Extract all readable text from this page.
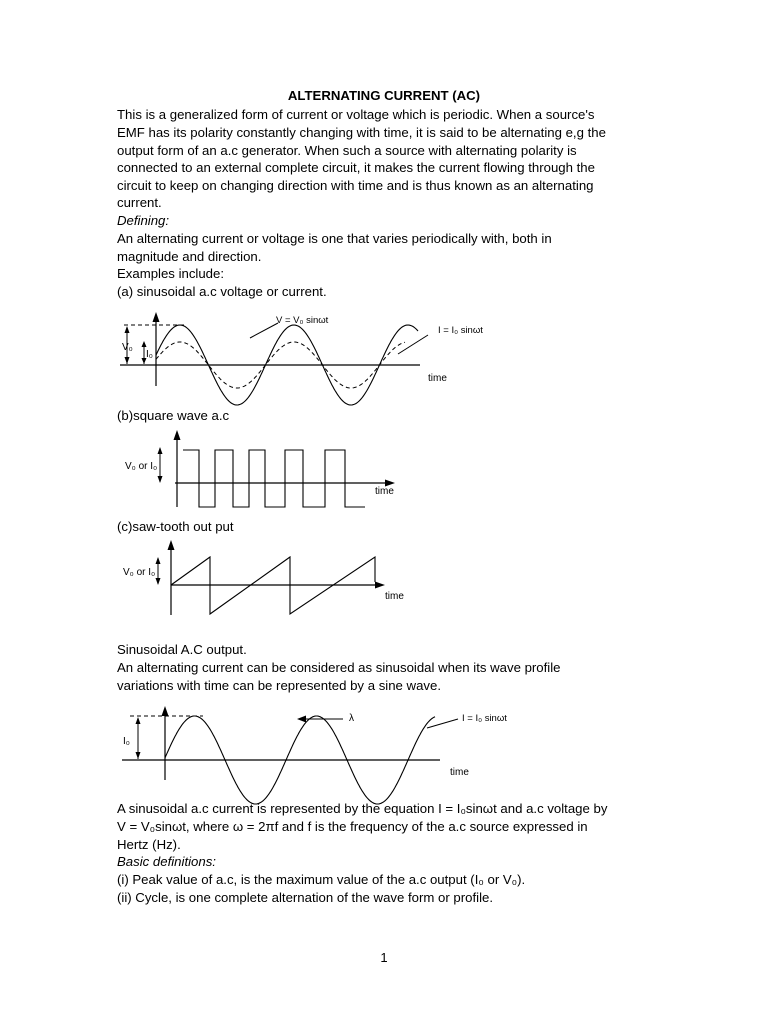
ALTERNATING CURRENT (AC)
This is a generalized form of current or voltage which is periodic. When a source's
EMF has its polarity constantly changing with time, it is said to be alternating e,g the
output form of an a.c generator. When such a source with alternating polarity is
connected to an external complete circuit, it makes the current flowing through the
circuit to keep on changing direction with time and is thus known as an alternating
current.
Defining:
An alternating current or voltage is one that varies periodically with, both in
magnitude and direction.
Examples include:
(a) sinusoidal a.c voltage or current.
V = V₀ sinωt
I = I₀ sinωt
V₀
I₀
time
(b)square wave a.c
V₀ or I₀
time
(c)saw-tooth out put
V₀ or I₀
time
Sinusoidal A.C output.
An alternating current can be considered as sinusoidal when its wave profile
variations with time can be represented by a sine wave.
λ	I = I₀ sinωt
I₀
time
A sinusoidal a.c current is represented by the equation I = I₀sinωt and a.c voltage by
V = V₀sinωt, where ω = 2πf and f is the frequency of the a.c source expressed in
Hertz (Hz).
Basic definitions:
(i) Peak value of a.c, is the maximum value of the a.c output (I₀ or V₀).
(ii) Cycle, is one complete alternation of the wave form or profile.
1
